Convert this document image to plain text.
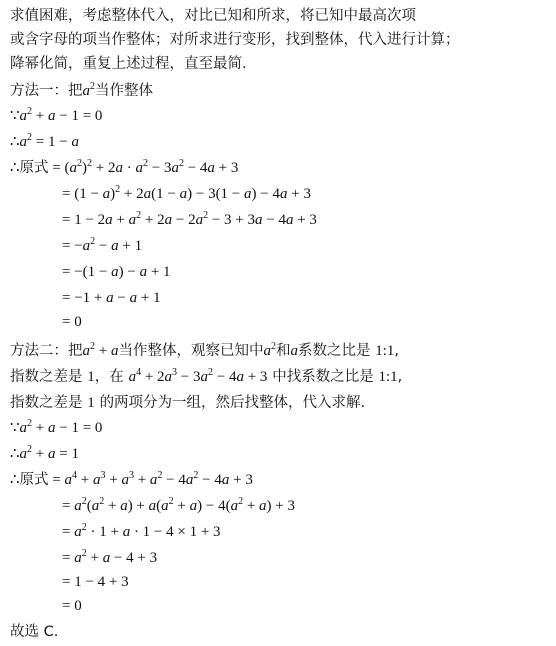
求值困难，考虑整体代入，对比已知和所求，将已知中最高次项
或含字母的项当作整体；对所求进行变形，找到整体，代入进行计算；
降幂化简，重复上述过程，直至最简.
方法一：把$a^2$当作整体
$\because a^2 + a - 1 = 0$
$\therefore a^2 = 1 - a$
∴原式 = $(a^2)^2 + 2a \cdot a^2 - 3a^2 - 4a + 3$
= $(1 - a)^2 + 2a(1 - a) - 3(1 - a) - 4a + 3$
= $1 - 2a + a^2 + 2a - 2a^2 - 3 + 3a - 4a + 3$
= $-a^2 - a + 1$
= −(1 − a) − a + 1
= −1 + a − a + 1
= 0
方法二：把$a^2 + a$当作整体，观察已知中$a^2$和a系数之比是 1:1,
指数之差是 1，在 $a^4 + 2a^3 - 3a^2 - 4a + 3$ 中找系数之比是 1:1,
指数之差是 1 的两项分为一组，然后找整体，代入求解.
$\because a^2 + a - 1 = 0$
$\therefore a^2 + a = 1$
∴原式 = $a^4 + a^3 + a^3 + a^2 - 4a^2 - 4a + 3$
= $a^2(a^2 + a) + a(a^2 + a) - 4(a^2 + a) + 3$
= $a^2 \cdot 1 + a \cdot 1 - 4 \times 1 + 3$
= $a^2 + a - 4 + 3$
= 1 − 4 + 3
= 0
故选 C.
